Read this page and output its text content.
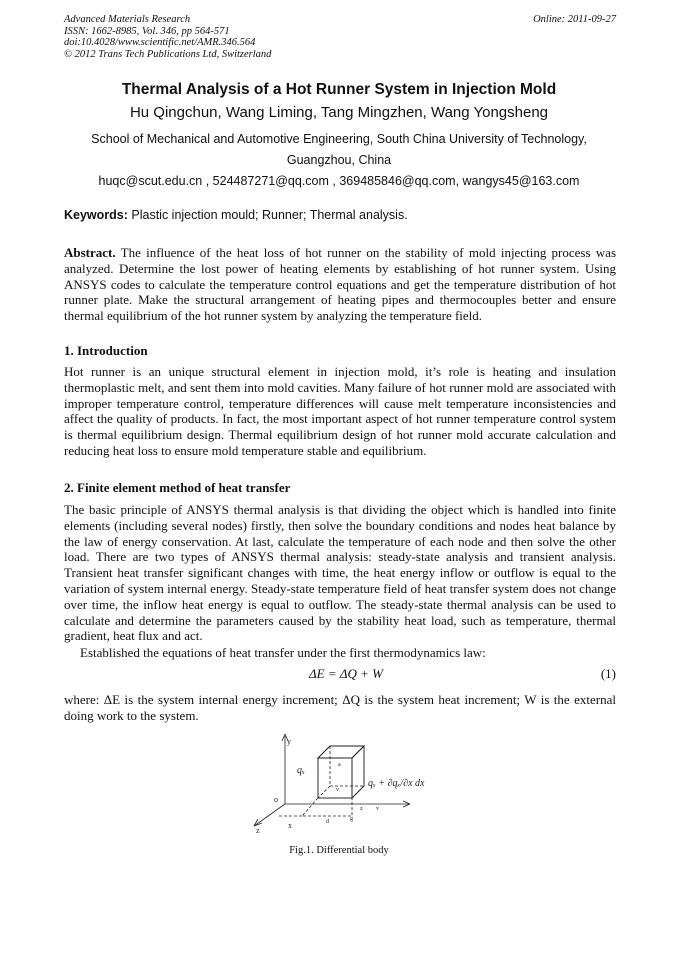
Advanced Materials Research
ISSN: 1662-8985, Vol. 346, pp 564-571
doi:10.4028/www.scientific.net/AMR.346.564
© 2012 Trans Tech Publications Ltd, Switzerland
Online: 2011-09-27
Thermal Analysis of a Hot Runner System in Injection Mold
Hu Qingchun, Wang Liming, Tang Mingzhen, Wang Yongsheng
School of Mechanical and Automotive Engineering, South China University of Technology, Guangzhou, China
huqc@scut.edu.cn , 524487271@qq.com , 369485846@qq.com, wangys45@163.com
Keywords: Plastic injection mould; Runner; Thermal analysis.
Abstract. The influence of the heat loss of hot runner on the stability of mold injecting process was analyzed. Determine the lost power of heating elements by establishing of hot runner system. Using ANSYS codes to calculate the temperature control equations and get the temperature distribution of hot runner plate. Make the structural arrangement of heating pipes and thermocouples better and ensure thermal equilibrium of the hot runner system by analyzing the temperature field.
1. Introduction
Hot runner is an unique structural element in injection mold, it’s role is heating and insulation thermoplastic melt, and sent them into mold cavities. Many failure of hot runner mold are associated with improper temperature control, temperature differences will cause melt temperature inconsistencies and affect the quality of products. In fact, the most important aspect of hot runner temperature control system is thermal equilibrium design. Thermal equilibrium design of hot runner mold accurate calculation and reducing heat loss to ensure mold temperature stable and equilibrium.
2. Finite element method of heat transfer
The basic principle of ANSYS thermal analysis is that dividing the object which is handled into finite elements (including several nodes) firstly, then solve the boundary conditions and nodes heat balance by the law of energy conservation. At last, calculate the temperature of each node and then solve the other load. There are two types of ANSYS thermal analysis: steady-state analysis and transient analysis. Transient heat transfer significant changes with time, the heat energy inflow or outflow is equal to the variation of system internal energy. Steady-state temperature field of heat transfer system does not change over time, the inflow heat energy is equal to outflow. The steady-state thermal analysis can be used to calculate and determine the parameters caused by the stability heat load, such as temperature, thermal gradient, heat flux and act.
Established the equations of heat transfer under the first thermodynamics law:
ΔE = ΔQ + W	(1)
where: ΔE is the system internal energy increment; ΔQ is the system heat increment; W is the external doing work to the system.
y
o
z
x
qₓ
qₓ + ∂qₓ/∂x dx
a
v
d	g
z v
Fig.1. Differential body
